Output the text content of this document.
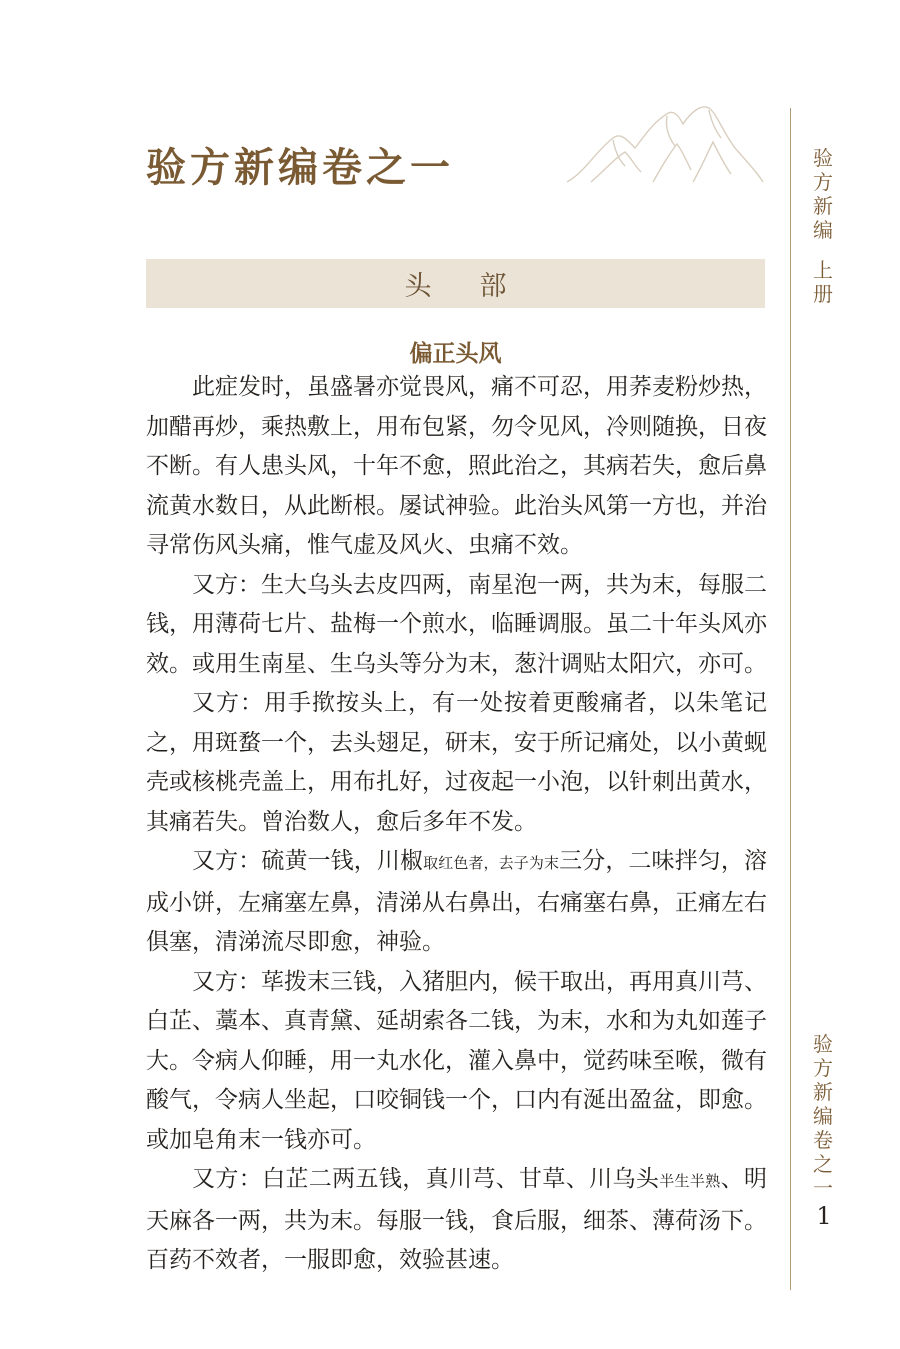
验方新编卷之一
头部
验
方
新
编
上
册
验
方
新
编
卷
之
一
1
偏正头风

此症发时，虽盛暑亦觉畏风，痛不可忍，用荞麦粉炒热，加醋再炒，乘热敷上，用布包紧，勿令见风，冷则随换，日夜不断。有人患头风，十年不愈，照此治之，其病若失，愈后鼻流黄水数日，从此断根。屡试神验。此治头风第一方也，并治寻常伤风头痛，惟气虚及风火、虫痛不效。

又方：生大乌头去皮四两，南星泡一两，共为末，每服二钱，用薄荷七片、盐梅一个煎水，临睡调服。虽二十年头风亦效。或用生南星、生乌头等分为末，葱汁调贴太阳穴，亦可。

又方：用手揿按头上，有一处按着更酸痛者，以朱笔记之，用斑蝥一个，去头翅足，研末，安于所记痛处，以小黄蚬壳或核桃壳盖上，用布扎好，过夜起一小泡，以针刺出黄水，其痛若失。曾治数人，愈后多年不发。

又方：硫黄一钱，川椒取红色者，去子为末三分，二味拌匀，溶成小饼，左痛塞左鼻，清涕从右鼻出，右痛塞右鼻，正痛左右俱塞，清涕流尽即愈，神验。

又方：荜拨末三钱，入猪胆内，候干取出，再用真川芎、白芷、藁本、真青黛、延胡索各二钱，为末，水和为丸如莲子大。令病人仰睡，用一丸水化，灌入鼻中，觉药味至喉，微有酸气，令病人坐起，口咬铜钱一个，口内有涎出盈盆，即愈。或加皂角末一钱亦可。

又方：白芷二两五钱，真川芎、甘草、川乌头半生半熟、明天麻各一两，共为末。每服一钱，食后服，细茶、薄荷汤下。百药不效者，一服即愈，效验甚速。
